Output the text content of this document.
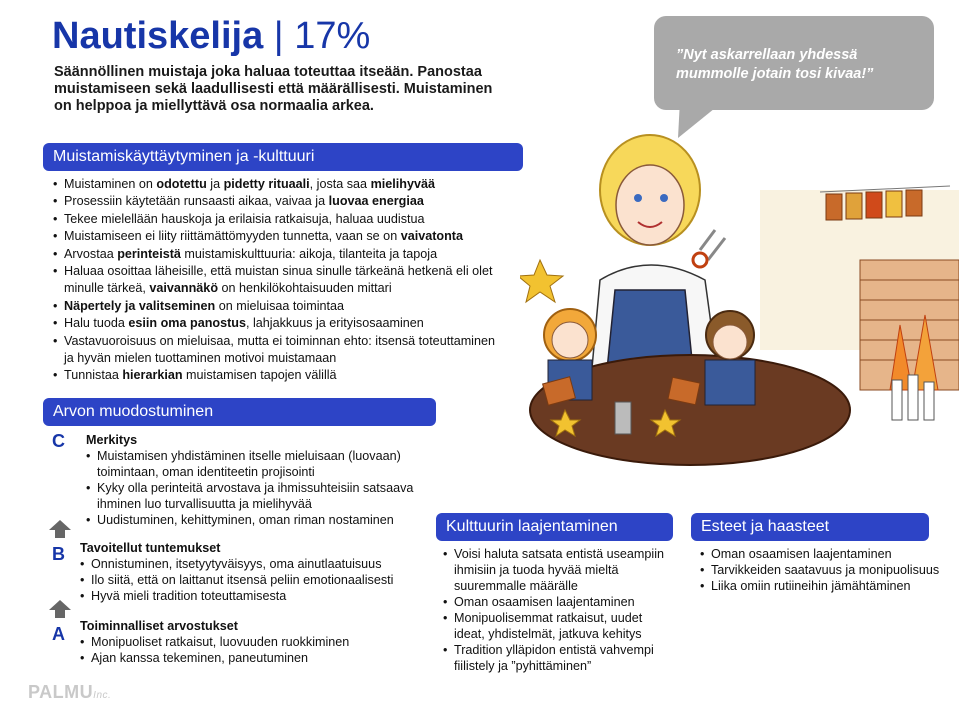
Nautiskelija | 17%
Säännöllinen muistaja joka haluaa toteuttaa itseään. Panostaa muistamiseen sekä laadullisesti että määrällisesti. Muistaminen on helppoa ja miellyttävä osa normaalia arkea.
”Nyt askarrellaan yhdessä mummolle jotain tosi kivaa!”
Muistamiskäyttäytyminen ja -kulttuuri
• Muistaminen on odotettu ja pidetty rituaali, josta saa mielihyvää
• Prosessiin käytetään runsaasti aikaa, vaivaa ja luovaa energiaa
• Tekee mielellään hauskoja ja erilaisia ratkaisuja, haluaa uudistua
• Muistamiseen ei liity riittämättömyyden tunnetta, vaan se on vaivatonta
• Arvostaa perinteistä muistamiskulttuuria: aikoja, tilanteita ja tapoja
• Haluaa osoittaa läheisille, että muistan sinua sinulle tärkeänä hetkenä eli olet minulle tärkeä, vaivannäkö on henkilökohtaisuuden mittari
• Näpertely ja valitseminen on mieluisaa toimintaa
• Halu tuoda esiin oma panostus, lahjakkuus ja erityisosaaminen
• Vastavuoroisuus on mieluisaa, mutta ei toiminnan ehto: itsensä toteuttaminen ja hyvän mielen tuottaminen motivoi muistamaan
• Tunnistaa hierarkian muistamisen tapojen välillä
Arvon muodostuminen
C Merkitys
• Muistamisen yhdistäminen itselle mieluisaan (luovaan) toimintaan, oman identiteetin projisointi
• Kyky olla perinteitä arvostava ja ihmissuhteisiin satsaava ihminen luo turvallisuutta ja mielihyvää
• Uudistuminen, kehittyminen, oman riman nostaminen
B Tavoitellut tuntemukset
• Onnistuminen, itsetyytyväisyys, oma ainutlaatuisuus
• Ilo siitä, että on laittanut itsensä peliin emotionaalisesti
• Hyvä mieli tradition toteuttamisesta
A Toiminnalliset arvostukset
• Monipuoliset ratkaisut, luovuuden ruokkiminen
• Ajan kanssa tekeminen, paneutuminen
Kulttuurin laajentaminen
• Voisi haluta satsata entistä useampiin ihmisiin ja tuoda hyvää mieltä suuremmalle määrälle
• Oman osaamisen laajentaminen
• Monipuolisemmat ratkaisut, uudet ideat, yhdistelmät, jatkuva kehitys
• Tradition ylläpidon entistä vahvempi fiilistely ja ”pyhittäminen”
Esteet ja haasteet
• Oman osaamisen laajentaminen
• Tarvikkeiden saatavuus ja monipuolisuus
• Liika omiin rutiineihin jämähtäminen
PALMUInc.
